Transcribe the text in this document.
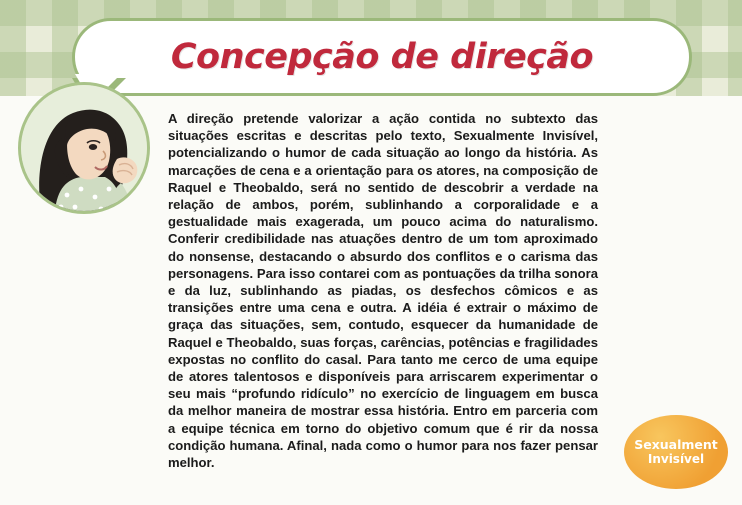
Concepção de direção

A direção pretende valorizar a ação contida no subtexto das situações escritas e descritas pelo texto, Sexualmente Invisível, potencializando o humor de cada situação ao longo da história. As marcações de cena e a orientação para os atores, na composição de Raquel e Theobaldo, será no sentido de descobrir a verdade na relação de ambos, porém, sublinhando a corporalidade e a gestualidade mais exagerada, um pouco acima do naturalismo. Conferir credibilidade nas atuações dentro de um tom aproximado do nonsense, destacando o absurdo dos conflitos e o carisma das personagens. Para isso contarei com as pontuações da trilha sonora e da luz, sublinhando as piadas, os desfechos cômicos e as transições entre uma cena e outra. A idéia é extrair o máximo de graça das situações, sem, contudo, esquecer da humanidade de Raquel e Theobaldo, suas forças, carências, potências e fragilidades expostas no conflito do casal. Para tanto me cerco de uma equipe de atores talentosos e disponíveis para arriscarem experimentar o seu mais “profundo ridículo” no exercício de linguagem em busca da melhor maneira de mostrar essa história. Entro em parceria com a equipe técnica em torno do objetivo comum que é rir da nossa condição humana. Afinal, nada como o humor para nos fazer pensar melhor.

Sexualment
Invisível
